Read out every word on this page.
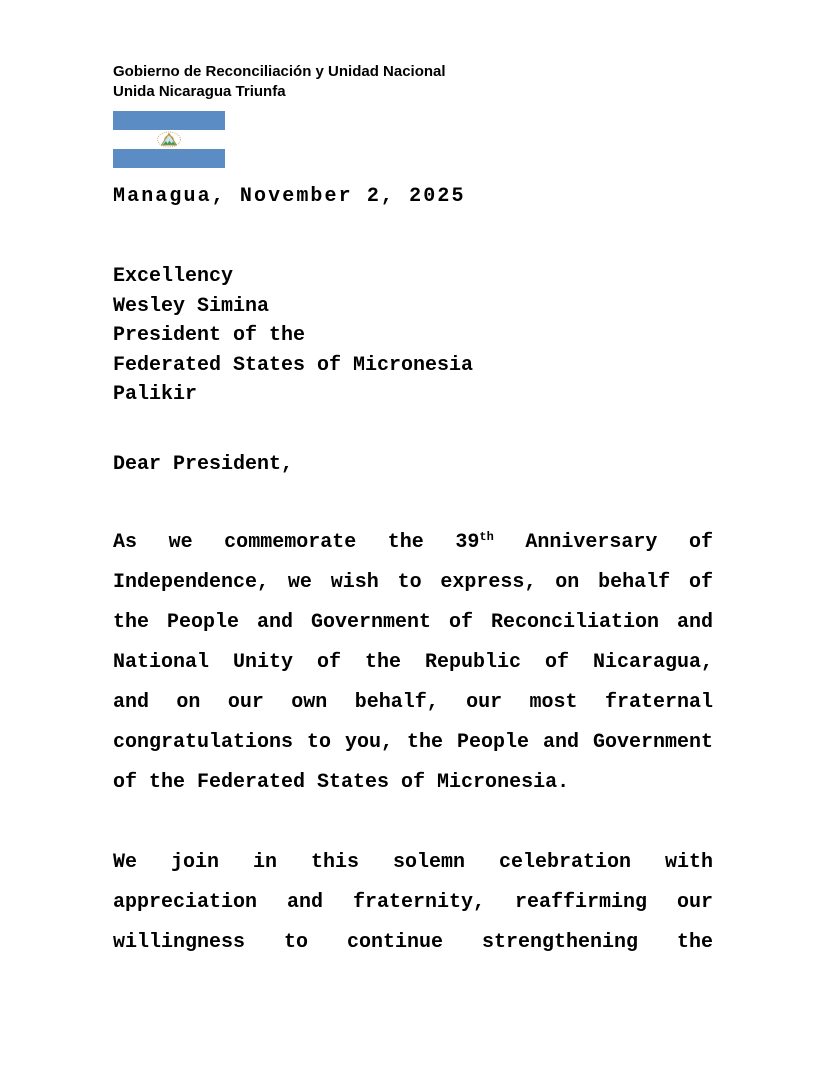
Gobierno de Reconciliación y Unidad Nacional
Unida Nicaragua Triunfa
Managua, November 2, 2025
Excellency
Wesley Simina
President of the
Federated States of Micronesia
Palikir
Dear President,
As we commemorate the 39th Anniversary of
Independence, we wish to express, on behalf of
the People and Government of Reconciliation and
National Unity of the Republic of Nicaragua,
and on our own behalf, our most fraternal
congratulations to you, the People and Government
of the Federated States of Micronesia.
We join in this solemn celebration with
appreciation and fraternity, reaffirming our
willingness to continue strengthening the
